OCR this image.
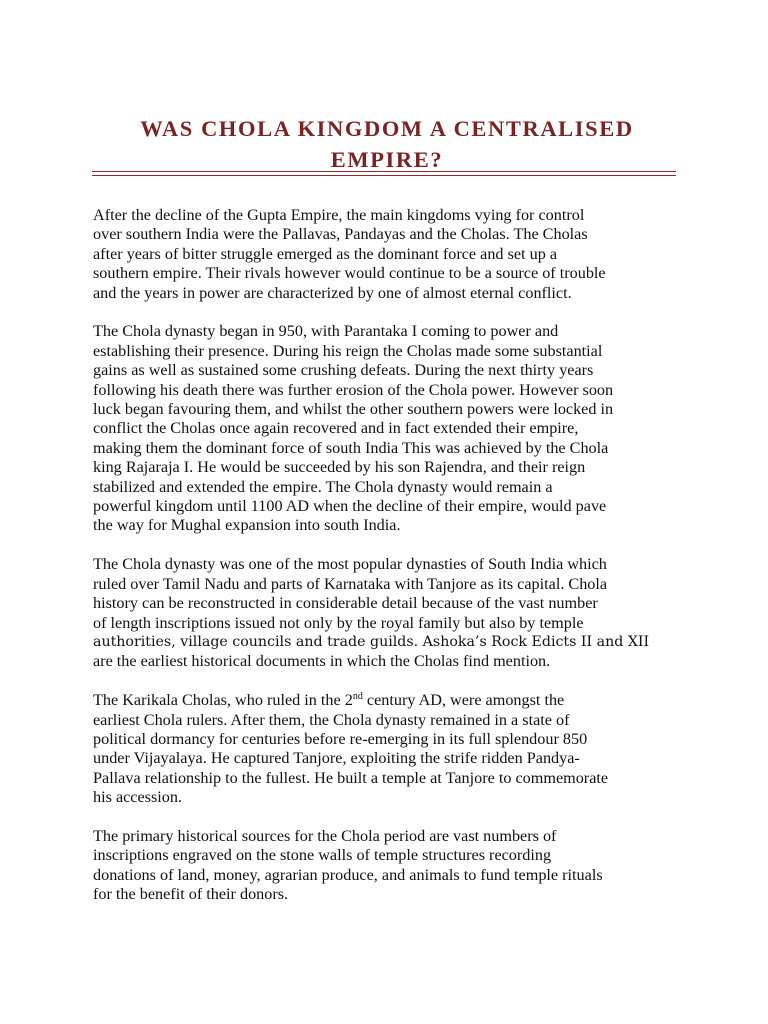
WAS CHOLA KINGDOM A CENTRALISED
EMPIRE?

After the decline of the Gupta Empire, the main kingdoms vying for control
over southern India were the Pallavas, Pandayas and the Cholas. The Cholas
after years of bitter struggle emerged as the dominant force and set up a
southern empire. Their rivals however would continue to be a source of trouble
and the years in power are characterized by one of almost eternal conflict.

The Chola dynasty began in 950, with Parantaka I coming to power and
establishing their presence. During his reign the Cholas made some substantial
gains as well as sustained some crushing defeats. During the next thirty years
following his death there was further erosion of the Chola power. However soon
luck began favouring them, and whilst the other southern powers were locked in
conflict the Cholas once again recovered and in fact extended their empire,
making them the dominant force of south India This was achieved by the Chola
king Rajaraja I. He would be succeeded by his son Rajendra, and their reign
stabilized and extended the empire. The Chola dynasty would remain a
powerful kingdom until 1100 AD when the decline of their empire, would pave
the way for Mughal expansion into south India.

The Chola dynasty was one of the most popular dynasties of South India which
ruled over Tamil Nadu and parts of Karnataka with Tanjore as its capital. Chola
history can be reconstructed in considerable detail because of the vast number
of length inscriptions issued not only by the royal family but also by temple
authorities, village councils and trade guilds. Ashoka’s Rock Edicts II and XII
are the earliest historical documents in which the Cholas find mention.

The Karikala Cholas, who ruled in the 2nd century AD, were amongst the
earliest Chola rulers. After them, the Chola dynasty remained in a state of
political dormancy for centuries before re-emerging in its full splendour 850
under Vijayalaya. He captured Tanjore, exploiting the strife ridden Pandya-
Pallava relationship to the fullest. He built a temple at Tanjore to commemorate
his accession.

The primary historical sources for the Chola period are vast numbers of
inscriptions engraved on the stone walls of temple structures recording
donations of land, money, agrarian produce, and animals to fund temple rituals
for the benefit of their donors.
